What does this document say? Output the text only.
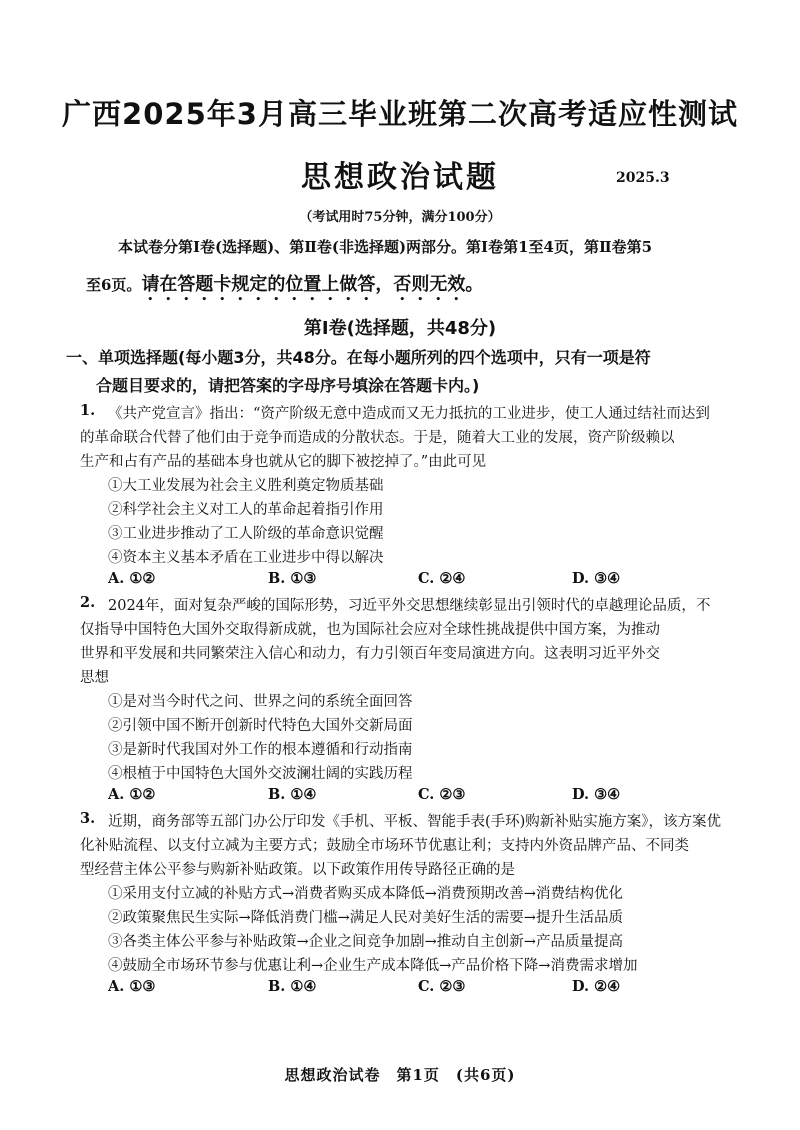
广西2025年3月高三毕业班第二次高考适应性测试
思想政治试题	2025.3
（考试用时75分钟，满分100分）
本试卷分第Ⅰ卷(选择题)、第Ⅱ卷(非选择题)两部分。第Ⅰ卷第1至4页，第Ⅱ卷第5
至6页。请在答题卡规定的位置上做答，否则无效。
第Ⅰ卷(选择题，共48分)
一、单项选择题(每小题3分，共48分。在每小题所列的四个选项中，只有一项是符
合题目要求的，请把答案的字母序号填涂在答题卡内。)
1. 《共产党宣言》指出：“资产阶级无意中造成而又无力抵抗的工业进步，使工人通过结社而达到
的革命联合代替了他们由于竞争而造成的分散状态。于是，随着大工业的发展，资产阶级赖以
生产和占有产品的基础本身也就从它的脚下被挖掉了。”由此可见
①大工业发展为社会主义胜利奠定物质基础
②科学社会主义对工人的革命起着指引作用
③工业进步推动了工人阶级的革命意识觉醒
④资本主义基本矛盾在工业进步中得以解决
A. ①②	B. ①③	C. ②④	D. ③④
2. 2024年，面对复杂严峻的国际形势，习近平外交思想继续彰显出引领时代的卓越理论品质，不
仅指导中国特色大国外交取得新成就，也为国际社会应对全球性挑战提供中国方案，为推动
世界和平发展和共同繁荣注入信心和动力，有力引领百年变局演进方向。这表明习近平外交
思想
①是对当今时代之问、世界之问的系统全面回答
②引领中国不断开创新时代特色大国外交新局面
③是新时代我国对外工作的根本遵循和行动指南
④根植于中国特色大国外交波澜壮阔的实践历程
A. ①②	B. ①④	C. ②③	D. ③④
3. 近期，商务部等五部门办公厅印发《手机、平板、智能手表(手环)购新补贴实施方案》，该方案优
化补贴流程、以支付立减为主要方式；鼓励全市场环节优惠让利；支持内外资品牌产品、不同类
型经营主体公平参与购新补贴政策。以下政策作用传导路径正确的是
①采用支付立减的补贴方式→消费者购买成本降低→消费预期改善→消费结构优化
②政策聚焦民生实际→降低消费门槛→满足人民对美好生活的需要→提升生活品质
③各类主体公平参与补贴政策→企业之间竞争加剧→推动自主创新→产品质量提高
④鼓励全市场环节参与优惠让利→企业生产成本降低→产品价格下降→消费需求增加
A. ①③	B. ①④	C. ②③	D. ②④
思想政治试卷　第1页　(共6页)
